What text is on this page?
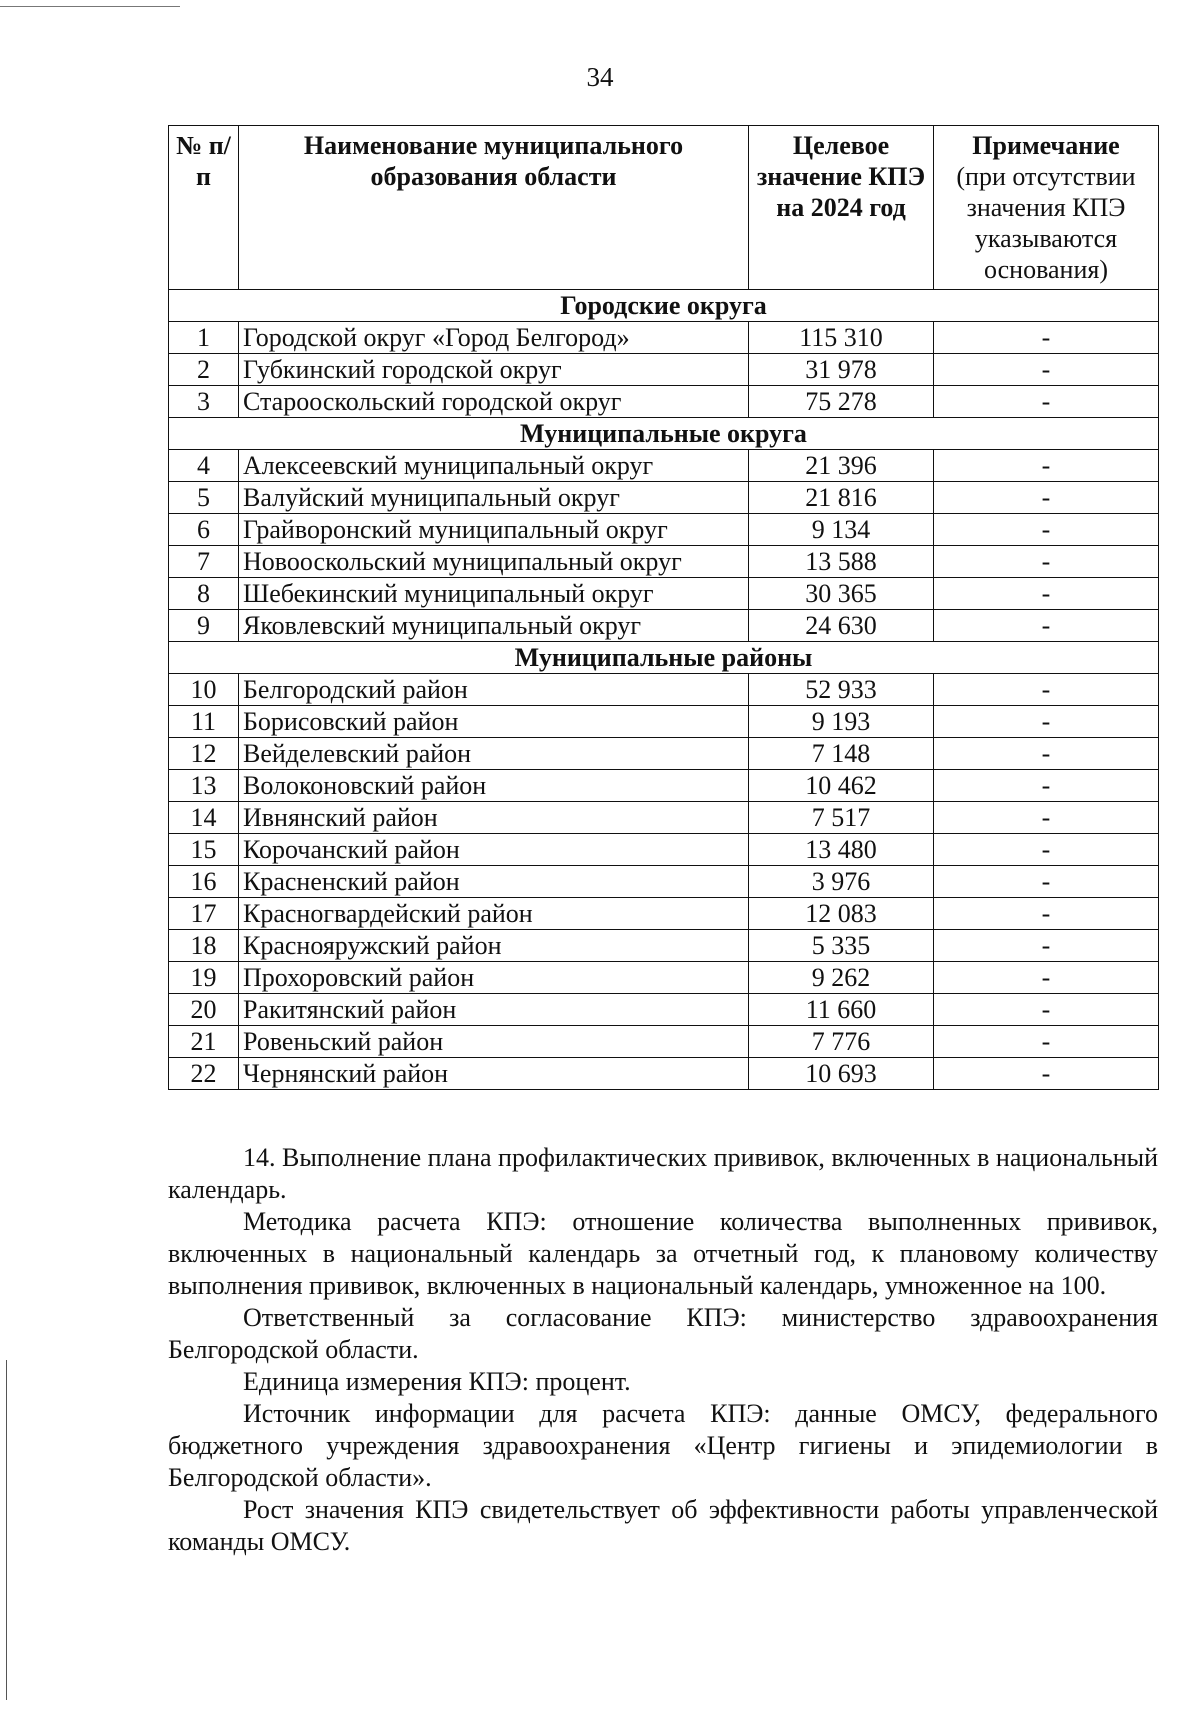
34
№ п/п	Наименование муниципального образования области	Целевое значение КПЭ на 2024 год	Примечание
(при отсутствии значения КПЭ указываются основания)

Городские округа			
1	Городской округ «Город Белгород»	115 310	-
2	Губкинский городской округ	31 978	-
3	Старооскольский городской округ	75 278	-
Муниципальные округа			
4	Алексеевский муниципальный округ	21 396	-
5	Валуйский муниципальный округ	21 816	-
6	Грайворонский муниципальный округ	9 134	-
7	Новооскольский муниципальный округ	13 588	-
8	Шебекинский муниципальный округ	30 365	-
9	Яковлевский муниципальный округ	24 630	-
Муниципальные районы			
10	Белгородский район	52 933	-
11	Борисовский район	9 193	-
12	Вейделевский район	7 148	-
13	Волоконовский район	10 462	-
14	Ивнянский район	7 517	-
15	Корочанский район	13 480	-
16	Красненский район	3 976	-
17	Красногвардейский район	12 083	-
18	Краснояружский район	5 335	-
19	Прохоровский район	9 262	-
20	Ракитянский район	11 660	-
21	Ровеньский район	7 776	-
22	Чернянский район	10 693	-

14. Выполнение плана профилактических прививок, включенных в национальный календарь.

Методика расчета КПЭ: отношение количества выполненных прививок, включенных в национальный календарь за отчетный год, к плановому количеству выполнения прививок, включенных в национальный календарь, умноженное на 100.

Ответственный за согласование КПЭ: министерство здравоохранения Белгородской области.

Единица измерения КПЭ: процент.

Источник информации для расчета КПЭ: данные ОМСУ, федерального бюджетного учреждения здравоохранения «Центр гигиены и эпидемиологии в Белгородской области».

Рост значения КПЭ свидетельствует об эффективности работы управленческой команды ОМСУ.
